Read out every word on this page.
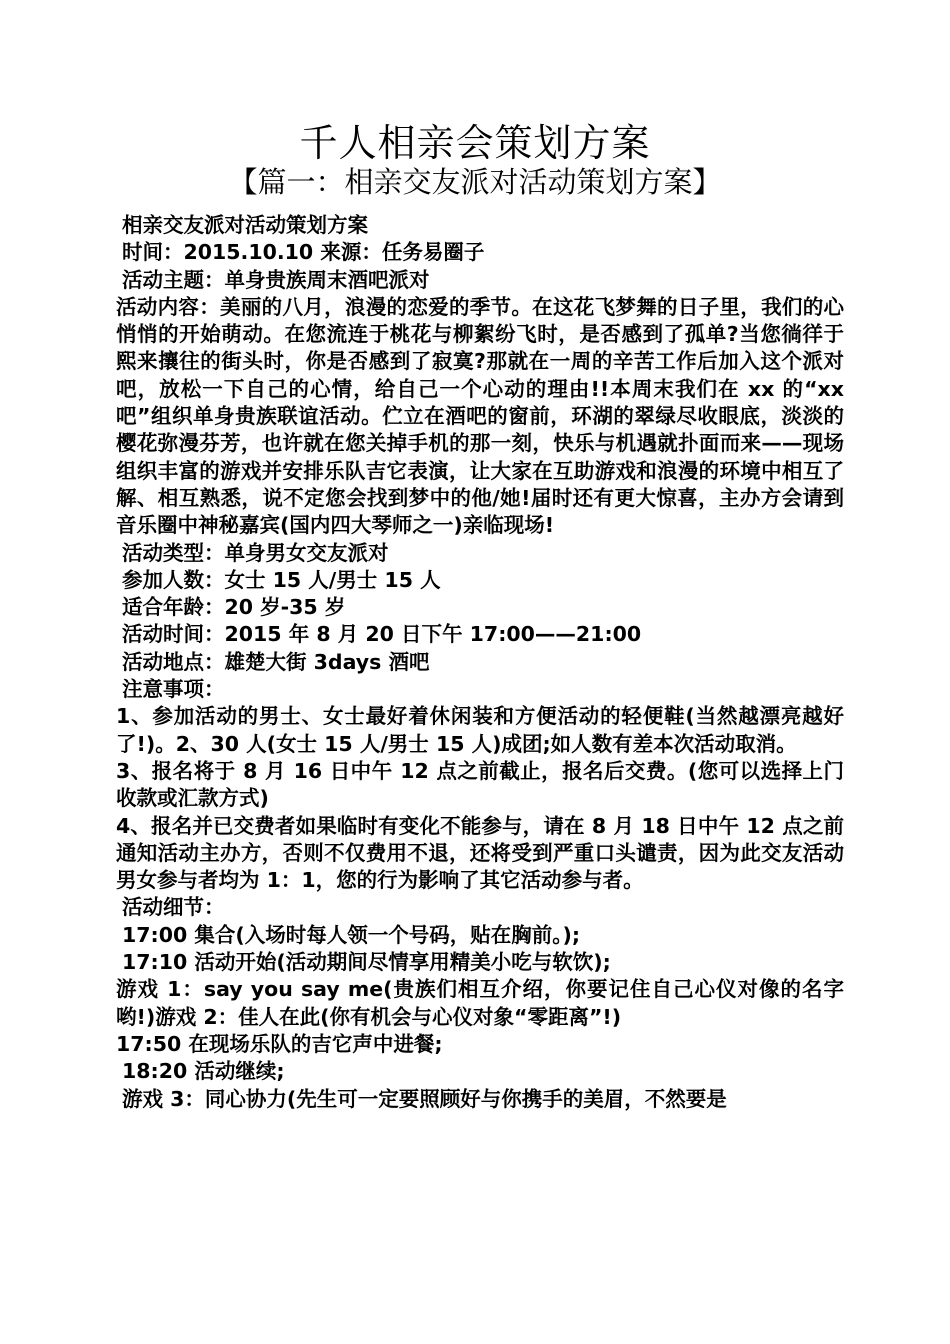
千人相亲会策划方案
【篇一：相亲交友派对活动策划方案】

相亲交友派对活动策划方案

时间：2015.10.10 来源：任务易圈子

活动主题：单身贵族周末酒吧派对

活动内容：美丽的八月，浪漫的恋爱的季节。在这花飞梦舞的日子里，我们的心悄悄的开始萌动。在您流连于桃花与柳絮纷飞时，是否感到了孤单?当您徜徉于熙来攘往的街头时，你是否感到了寂寞?那就在一周的辛苦工作后加入这个派对吧，放松一下自己的心情，给自己一个心动的理由!!本周末我们在 xx 的“xx 吧”组织单身贵族联谊活动。伫立在酒吧的窗前，环湖的翠绿尽收眼底，淡淡的樱花弥漫芬芳，也许就在您关掉手机的那一刻，快乐与机遇就扑面而来——现场组织丰富的游戏并安排乐队吉它表演，让大家在互助游戏和浪漫的环境中相互了解、相互熟悉，说不定您会找到梦中的他/她!届时还有更大惊喜，主办方会请到音乐圈中神秘嘉宾(国内四大琴师之一)亲临现场!

活动类型：单身男女交友派对

参加人数：女士 15 人/男士 15 人

适合年龄：20 岁-35 岁

活动时间：2015 年 8 月 20 日下午 17:00——21:00

活动地点：雄楚大街 3days 酒吧

注意事项：

1、参加活动的男士、女士最好着休闲装和方便活动的轻便鞋(当然越漂亮越好了!)。2、30 人(女士 15 人/男士 15 人)成团;如人数有差本次活动取消。

3、报名将于 8 月 16 日中午 12 点之前截止，报名后交费。(您可以选择上门收款或汇款方式)

4、报名并已交费者如果临时有变化不能参与，请在 8 月 18 日中午 12 点之前通知活动主办方，否则不仅费用不退，还将受到严重口头谴责，因为此交友活动男女参与者均为 1：1，您的行为影响了其它活动参与者。

活动细节：

17:00 集合(入场时每人领一个号码，贴在胸前。);

17:10 活动开始(活动期间尽情享用精美小吃与软饮);

游戏 1：say you say me(贵族们相互介绍，你要记住自己心仪对像的名字哟!)游戏 2：佳人在此(你有机会与心仪对象“零距离”!)

17:50 在现场乐队的吉它声中进餐;

18:20 活动继续;

游戏 3：同心协力(先生可一定要照顾好与你携手的美眉，不然要是
